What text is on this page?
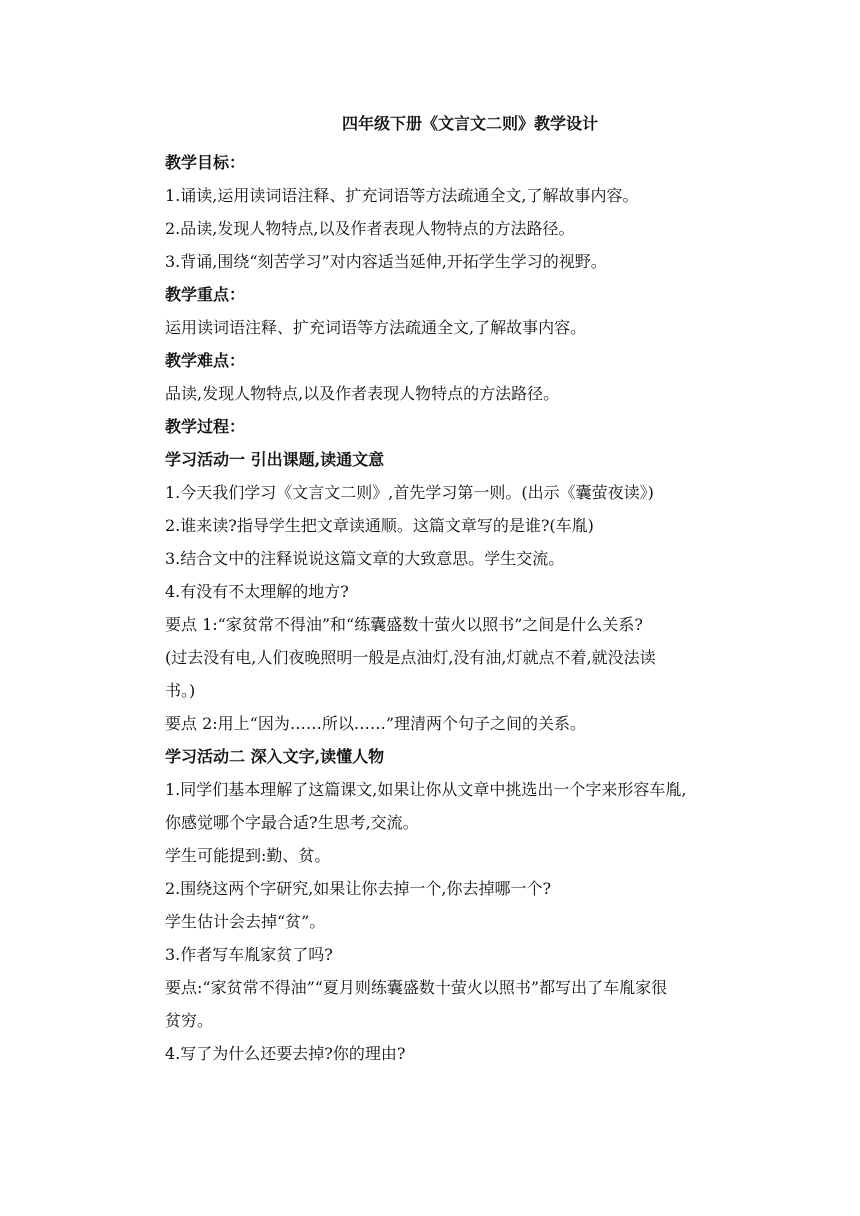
四年级下册《文言文二则》教学设计

教学目标：

1.诵读,运用读词语注释、扩充词语等方法疏通全文,了解故事内容。

2.品读,发现人物特点,以及作者表现人物特点的方法路径。

3.背诵,围绕“刻苦学习”对内容适当延伸,开拓学生学习的视野。

教学重点：

运用读词语注释、扩充词语等方法疏通全文,了解故事内容。

教学难点：

品读,发现人物特点,以及作者表现人物特点的方法路径。

教学过程：

学习活动一 引出课题,读通文意

1.今天我们学习《文言文二则》,首先学习第一则。(出示《囊萤夜读》)

2.谁来读?指导学生把文章读通顺。这篇文章写的是谁?(车胤)

3.结合文中的注释说说这篇文章的大致意思。学生交流。

4.有没有不太理解的地方?

要点 1:“家贫常不得油”和“练囊盛数十萤火以照书”之间是什么关系?

(过去没有电,人们夜晚照明一般是点油灯,没有油,灯就点不着,就没法读

书。)

要点 2:用上“因为……所以……”理清两个句子之间的关系。

学习活动二 深入文字,读懂人物

1.同学们基本理解了这篇课文,如果让你从文章中挑选出一个字来形容车胤,

你感觉哪个字最合适?生思考,交流。

学生可能提到:勤、贫。

2.围绕这两个字研究,如果让你去掉一个,你去掉哪一个?

学生估计会去掉“贫”。

3.作者写车胤家贫了吗?

要点:“家贫常不得油”“夏月则练囊盛数十萤火以照书”都写出了车胤家很

贫穷。

4.写了为什么还要去掉?你的理由?
